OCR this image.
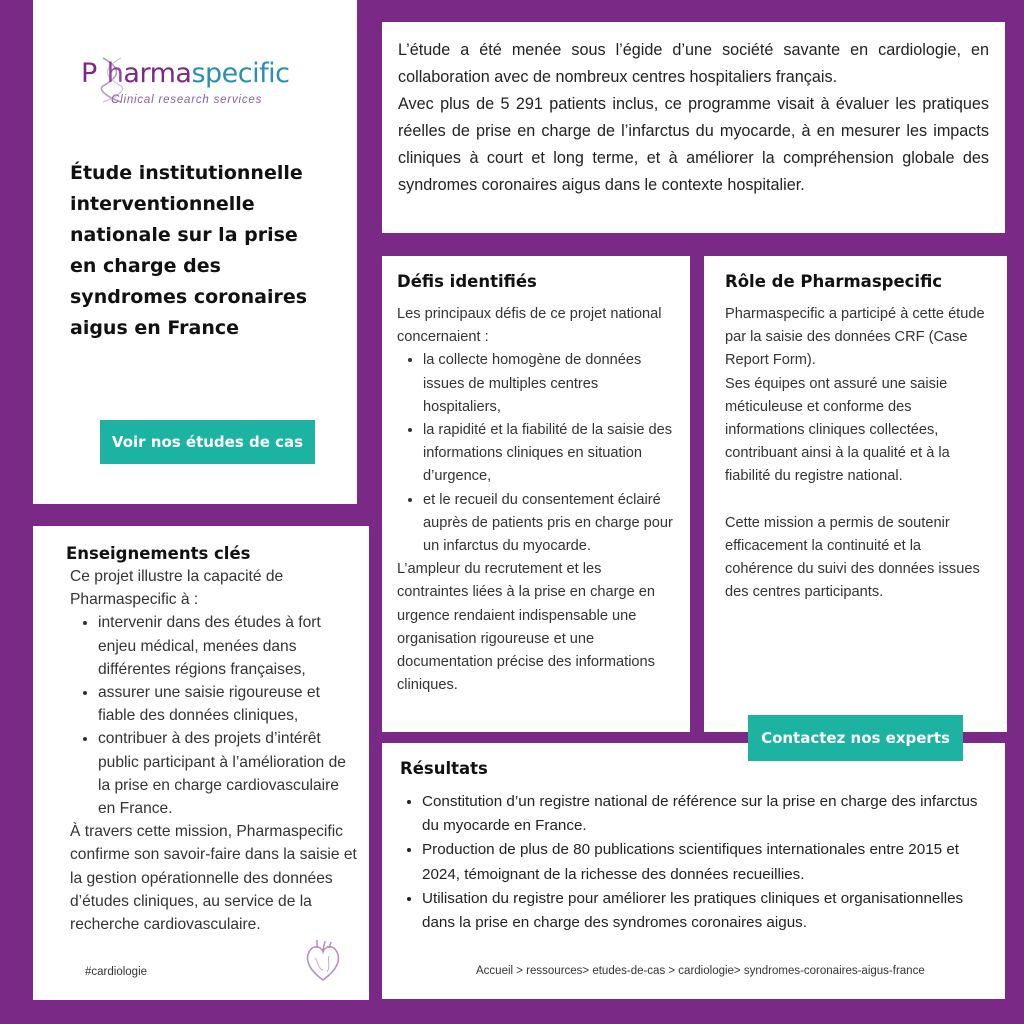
P harmaspecific
Clinical research services
Étude institutionnelle interventionnelle nationale sur la prise en charge des syndromes coronaires aigus en France
Voir nos études de cas

L’étude a été menée sous l’égide d’une société savante en cardiologie, en collaboration avec de nombreux centres hospitaliers français.

Avec plus de 5 291 patients inclus, ce programme visait à évaluer les pratiques réelles de prise en charge de l’infarctus du myocarde, à en mesurer les impacts cliniques à court et long terme, et à améliorer la compréhension globale des syndromes coronaires aigus dans le contexte hospitalier.

Défis identifiés

Les principaux défis de ce projet national concernaient :

• la collecte homogène de données issues de multiples centres hospitaliers,
• la rapidité et la fiabilité de la saisie des informations cliniques en situation d’urgence,
• et le recueil du consentement éclairé auprès de patients pris en charge pour un infarctus du myocarde.

L’ampleur du recrutement et les contraintes liées à la prise en charge en urgence rendaient indispensable une organisation rigoureuse et une documentation précise des informations cliniques.

Rôle de Pharmaspecific

Pharmaspecific a participé à cette étude par la saisie des données CRF (Case Report Form).

Ses équipes ont assuré une saisie méticuleuse et conforme des informations cliniques collectées, contribuant ainsi à la qualité et à la fiabilité du registre national.

Cette mission a permis de soutenir efficacement la continuité et la cohérence du suivi des données issues des centres participants.

Contactez nos experts
Enseignements clés

Ce projet illustre la capacité de Pharmaspecific à :

• intervenir dans des études à fort enjeu médical, menées dans différentes régions françaises,
• assurer une saisie rigoureuse et fiable des données cliniques,
• contribuer à des projets d’intérêt public participant à l’amélioration de la prise en charge cardiovasculaire en France.

À travers cette mission, Pharmaspecific confirme son savoir-faire dans la saisie et la gestion opérationnelle des données d’études cliniques, au service de la recherche cardiovasculaire.

#cardiologie
Résultats
• Constitution d’un registre national de référence sur la prise en charge des infarctus du myocarde en France.
• Production de plus de 80 publications scientifiques internationales entre 2015 et 2024, témoignant de la richesse des données recueillies.
• Utilisation du registre pour améliorer les pratiques cliniques et organisationnelles dans la prise en charge des syndromes coronaires aigus.
Accueil > ressources> etudes-de-cas > cardiologie> syndromes-coronaires-aigus-france
